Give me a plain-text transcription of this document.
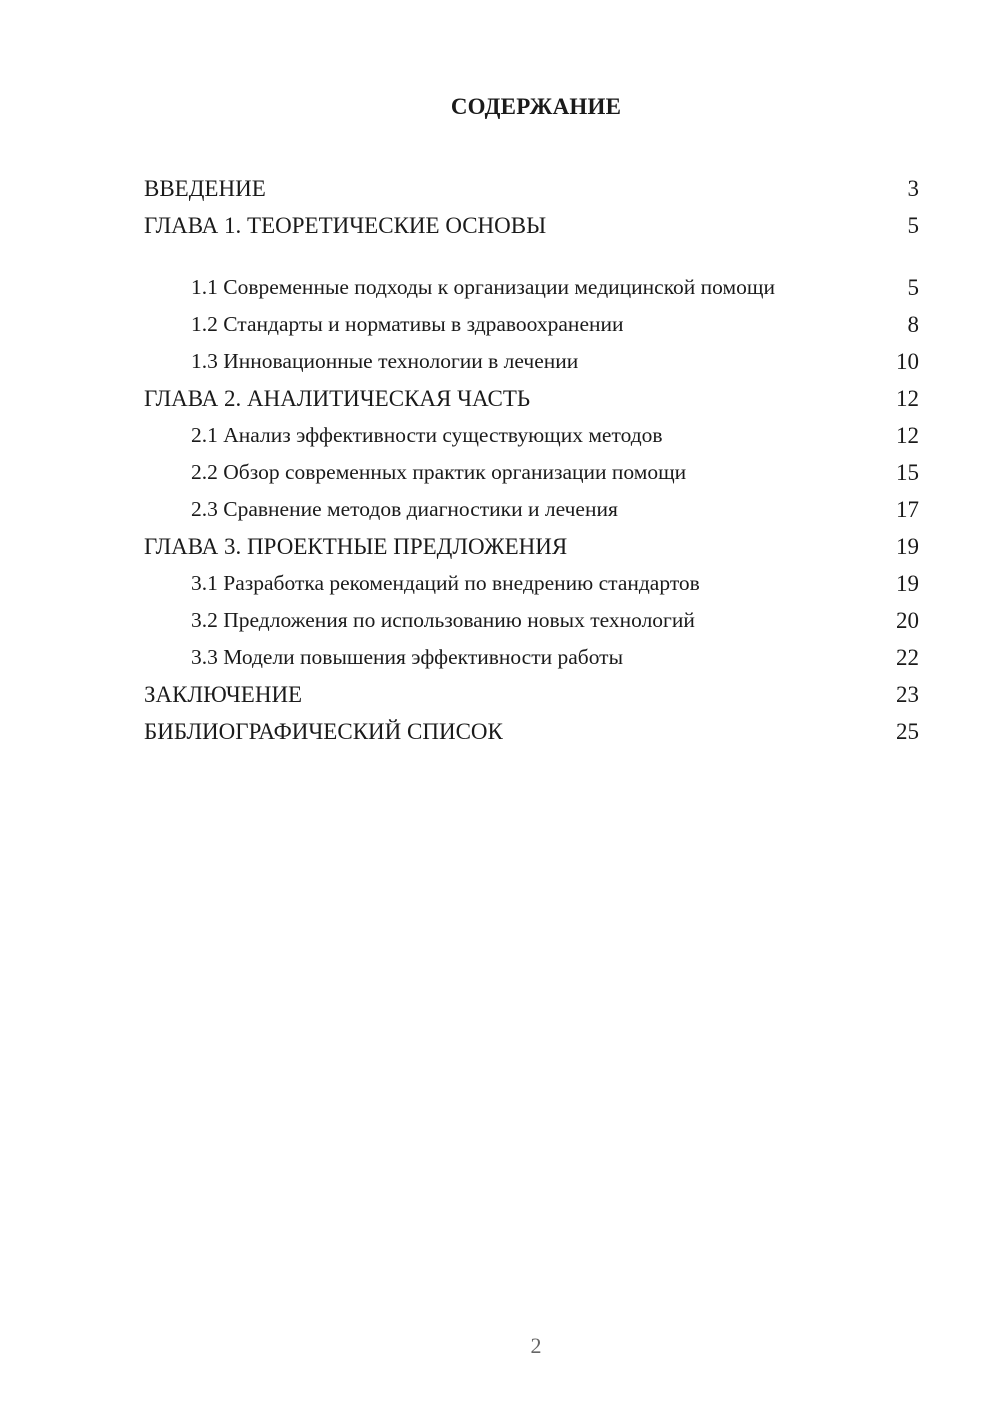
СОДЕРЖАНИЕ
ВВЕДЕНИЕ	3
ГЛАВА 1. ТЕОРЕТИЧЕСКИЕ ОСНОВЫ	5
1.1 Современные подходы к организации медицинской помощи	5
1.2 Стандарты и нормативы в здравоохранении	8
1.3 Инновационные технологии в лечении	10
ГЛАВА 2. АНАЛИТИЧЕСКАЯ ЧАСТЬ	12
2.1 Анализ эффективности существующих методов	12
2.2 Обзор современных практик организации помощи	15
2.3 Сравнение методов диагностики и лечения	17
ГЛАВА 3. ПРОЕКТНЫЕ ПРЕДЛОЖЕНИЯ	19
3.1 Разработка рекомендаций по внедрению стандартов	19
3.2 Предложения по использованию новых технологий	20
3.3 Модели повышения эффективности работы	22
ЗАКЛЮЧЕНИЕ	23
БИБЛИОГРАФИЧЕСКИЙ СПИСОК	25
2
